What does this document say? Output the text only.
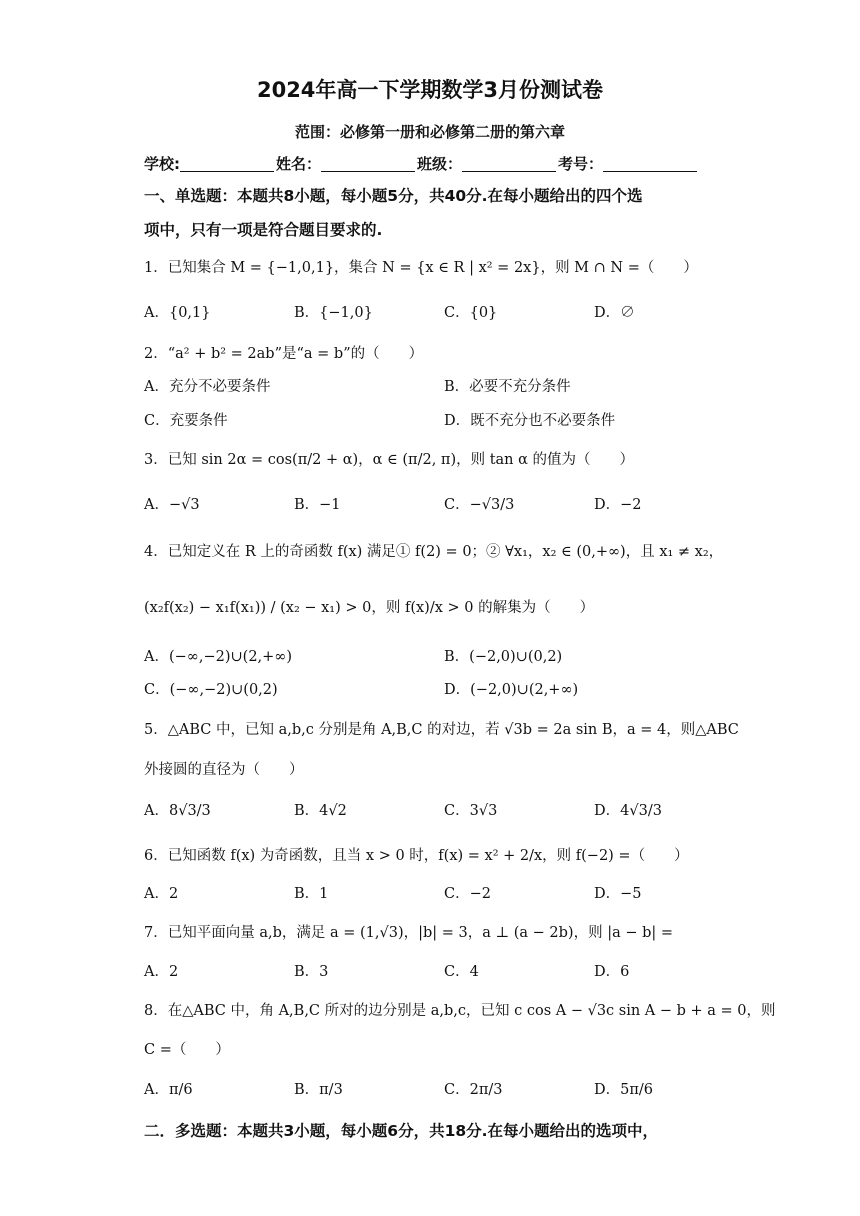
2024年高一下学期数学3月份测试卷
范围：必修第一册和必修第二册的第六章
学校:	姓名：	班级：	考号：
一、单选题：本题共8小题，每小题5分，共40分.在每小题给出的四个选
项中，只有一项是符合题目要求的.
1．已知集合 M = {−1,0,1}，集合 N = {x ∈ R | x² = 2x}，则 M ∩ N =（　　）
A．{0,1}	B．{−1,0}	C．{0}	D．∅
2．“a² + b² = 2ab”是“a = b”的（　　）
A．充分不必要条件	B．必要不充分条件
C．充要条件	D．既不充分也不必要条件
3．已知 sin 2α = cos(π/2 + α)，α ∈ (π/2, π)，则 tan α 的值为（　　）
A．−√3	B．−1	C．−√3/3	D．−2
4．已知定义在 R 上的奇函数 f(x) 满足① f(2) = 0；② ∀x₁，x₂ ∈ (0,+∞)，且 x₁ ≠ x₂，
(x₂f(x₂) − x₁f(x₁)) / (x₂ − x₁) > 0，则 f(x)/x > 0 的解集为（　　）
A．(−∞,−2)∪(2,+∞)	B．(−2,0)∪(0,2)
C．(−∞,−2)∪(0,2)	D．(−2,0)∪(2,+∞)
5．△ABC 中，已知 a,b,c 分别是角 A,B,C 的对边，若 √3b = 2a sin B，a = 4，则△ABC
外接圆的直径为（　　）
A．8√3/3	B．4√2	C．3√3	D．4√3/3
6．已知函数 f(x) 为奇函数，且当 x > 0 时，f(x) = x² + 2/x，则 f(−2) =（　　）
A．2	B．1	C．−2	D．−5
7．已知平面向量 a,b，满足 a = (1,√3)，|b| = 3，a ⊥ (a − 2b)，则 |a − b| =
A．2	B．3	C．4	D．6
8．在△ABC 中，角 A,B,C 所对的边分别是 a,b,c，已知 c cos A − √3c sin A − b + a = 0，则
C =（　　）
A．π/6	B．π/3	C．2π/3	D．5π/6
二．多选题：本题共3小题，每小题6分，共18分.在每小题给出的选项中，
